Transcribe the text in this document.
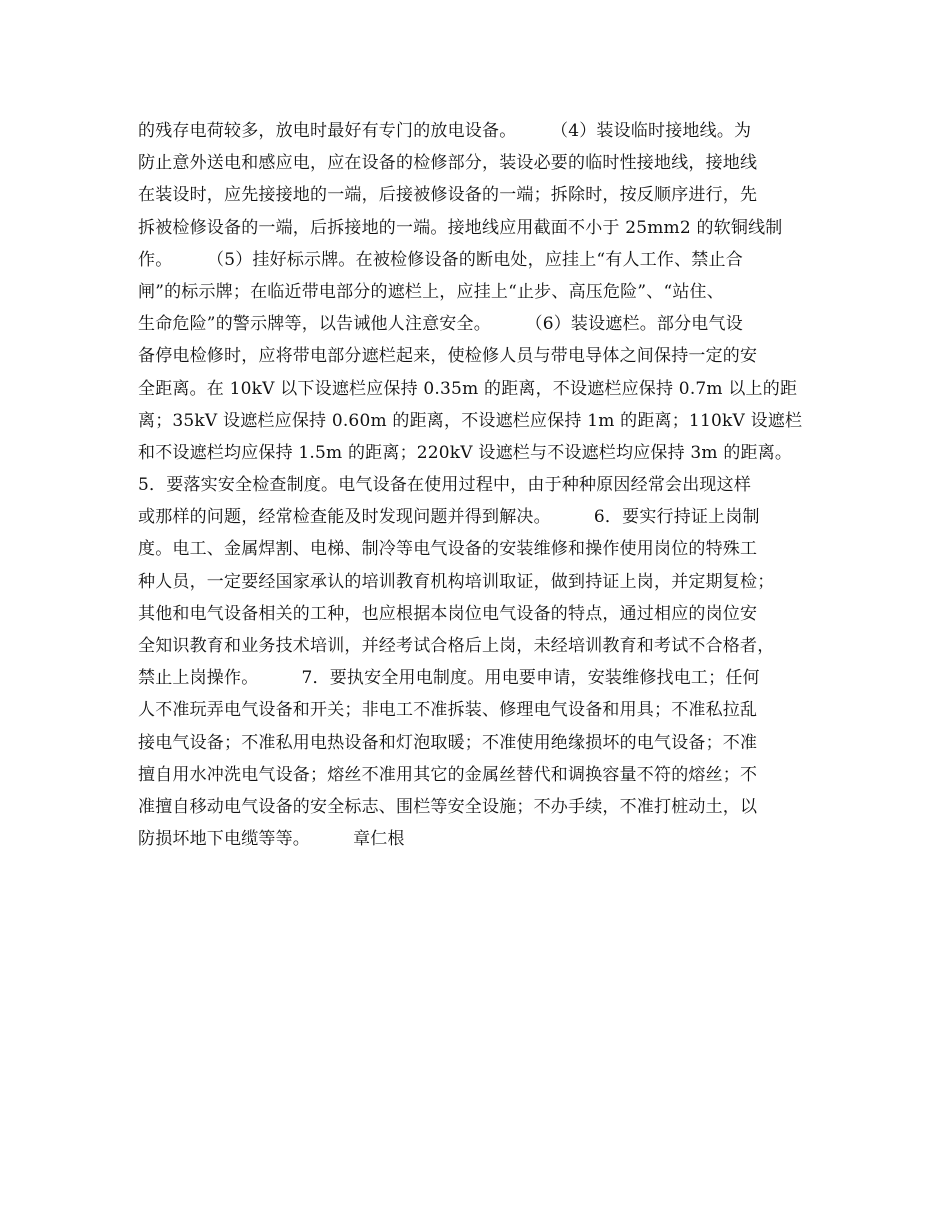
的残存电荷较多，放电时最好有专门的放电设备。　　　（4）装设临时接地线。为
防止意外送电和感应电，应在设备的检修部分，装设必要的临时性接地线，接地线
在装设时，应先接接地的一端，后接被修设备的一端；拆除时，按反顺序进行，先
拆被检修设备的一端，后拆接地的一端。接地线应用截面不小于 25mm2 的软铜线制
作。　　　（5）挂好标示牌。在被检修设备的断电处，应挂上“有人工作、禁止合
闸”的标示牌；在临近带电部分的遮栏上，应挂上“止步、高压危险”、“站住、
生命危险”的警示牌等，以告诫他人注意安全。　　　（6）装设遮栏。部分电气设
备停电检修时，应将带电部分遮栏起来，使检修人员与带电导体之间保持一定的安
全距离。在 10kV 以下设遮栏应保持 0.35m 的距离，不设遮栏应保持 0.7m 以上的距
离；35kV 设遮栏应保持 0.60m 的距离，不设遮栏应保持 1m 的距离；110kV 设遮栏
和不设遮栏均应保持 1.5m 的距离；220kV 设遮栏与不设遮栏均应保持 3m 的距离。
5．要落实安全检查制度。电气设备在使用过程中，由于种种原因经常会出现这样
或那样的问题，经常检查能及时发现问题并得到解决。　　　6．要实行持证上岗制
度。电工、金属焊割、电梯、制冷等电气设备的安装维修和操作使用岗位的特殊工
种人员，一定要经国家承认的培训教育机构培训取证，做到持证上岗，并定期复检；
其他和电气设备相关的工种，也应根据本岗位电气设备的特点，通过相应的岗位安
全知识教育和业务技术培训，并经考试合格后上岗，未经培训教育和考试不合格者，
禁止上岗操作。　　　7．要执安全用电制度。用电要申请，安装维修找电工；任何
人不准玩弄电气设备和开关；非电工不准拆装、修理电气设备和用具；不准私拉乱
接电气设备；不准私用电热设备和灯泡取暖；不准使用绝缘损坏的电气设备；不准
擅自用水冲洗电气设备；熔丝不准用其它的金属丝替代和调换容量不符的熔丝；不
准擅自移动电气设备的安全标志、围栏等安全设施；不办手续，不准打桩动土，以
防损坏地下电缆等等。　　　章仁根
